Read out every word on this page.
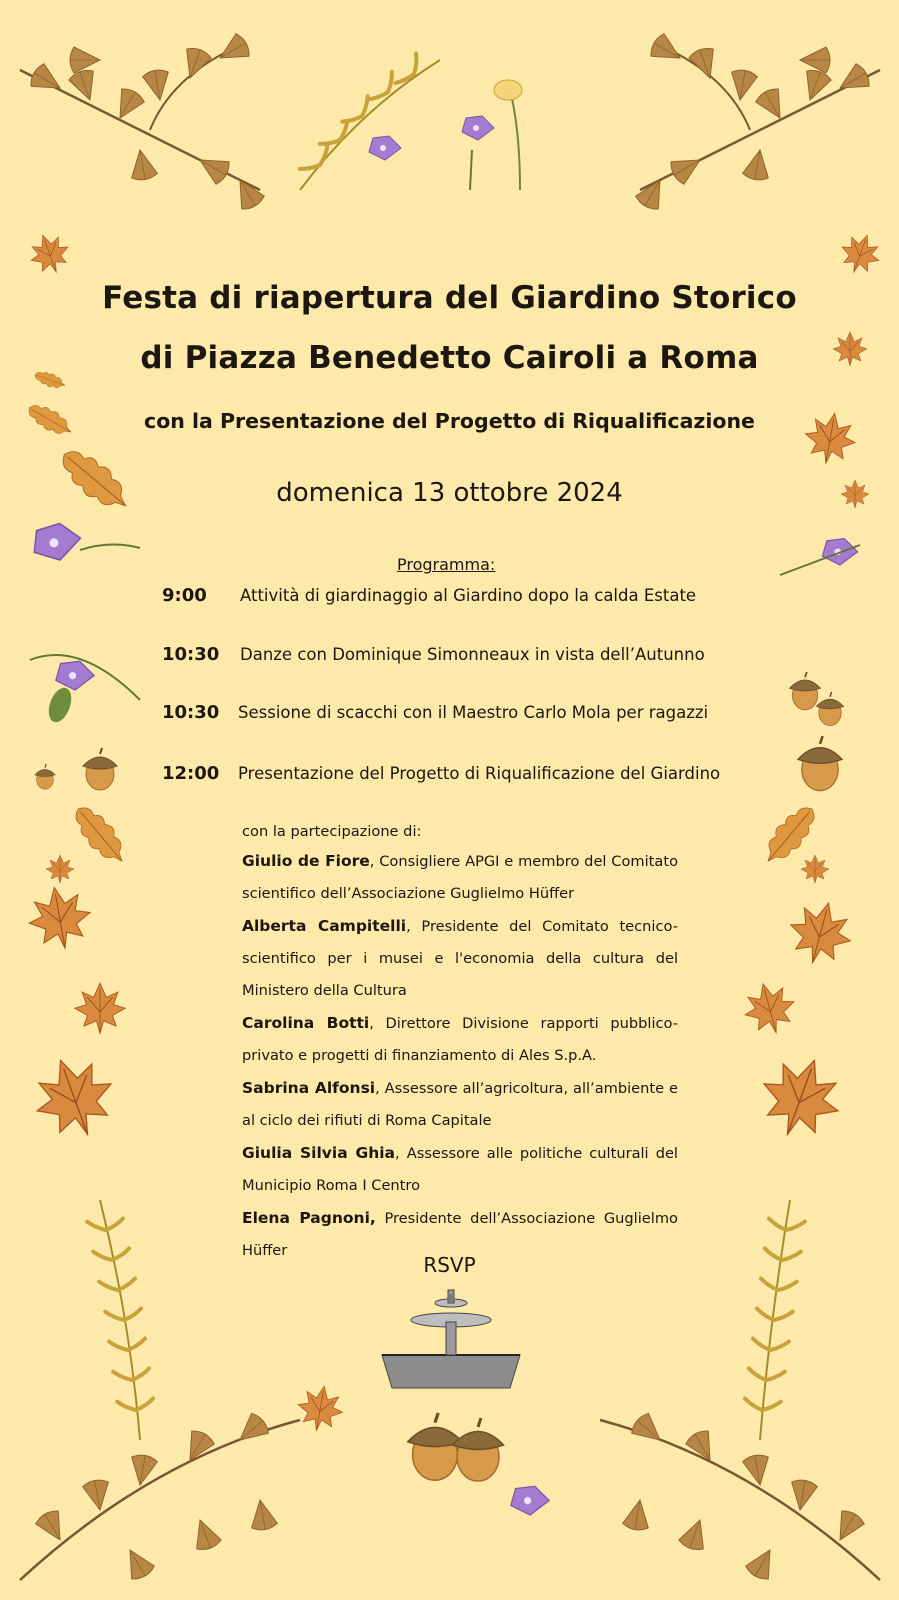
Festa di riapertura del Giardino Storico
di Piazza Benedetto Cairoli a Roma
con la Presentazione del Progetto di Riqualificazione
domenica 13 ottobre 2024
Programma:
9:00 Attività di giardinaggio al Giardino dopo la calda Estate
10:30 Danze con Dominique Simonneaux in vista dell’Autunno
10:30 Sessione di scacchi con il Maestro Carlo Mola per ragazzi
12:00 Presentazione del Progetto di Riqualificazione del Giardino
con la partecipazione di:
Giulio de Fiore, Consigliere APGI e membro del Comitato scientifico dell’Associazione Guglielmo Hüffer
Alberta Campitelli, Presidente del Comitato tecnico-scientifico per i musei e l'economia della cultura del Ministero della Cultura
Carolina Botti, Direttore Divisione rapporti pubblico-privato e progetti di finanziamento di Ales S.p.A.
Sabrina Alfonsi, Assessore all’agricoltura, all’ambiente e al ciclo dei rifiuti di Roma Capitale
Giulia Silvia Ghia, Assessore alle politiche culturali del Municipio Roma I Centro
Elena Pagnoni, Presidente dell’Associazione Guglielmo Hüffer
RSVP
